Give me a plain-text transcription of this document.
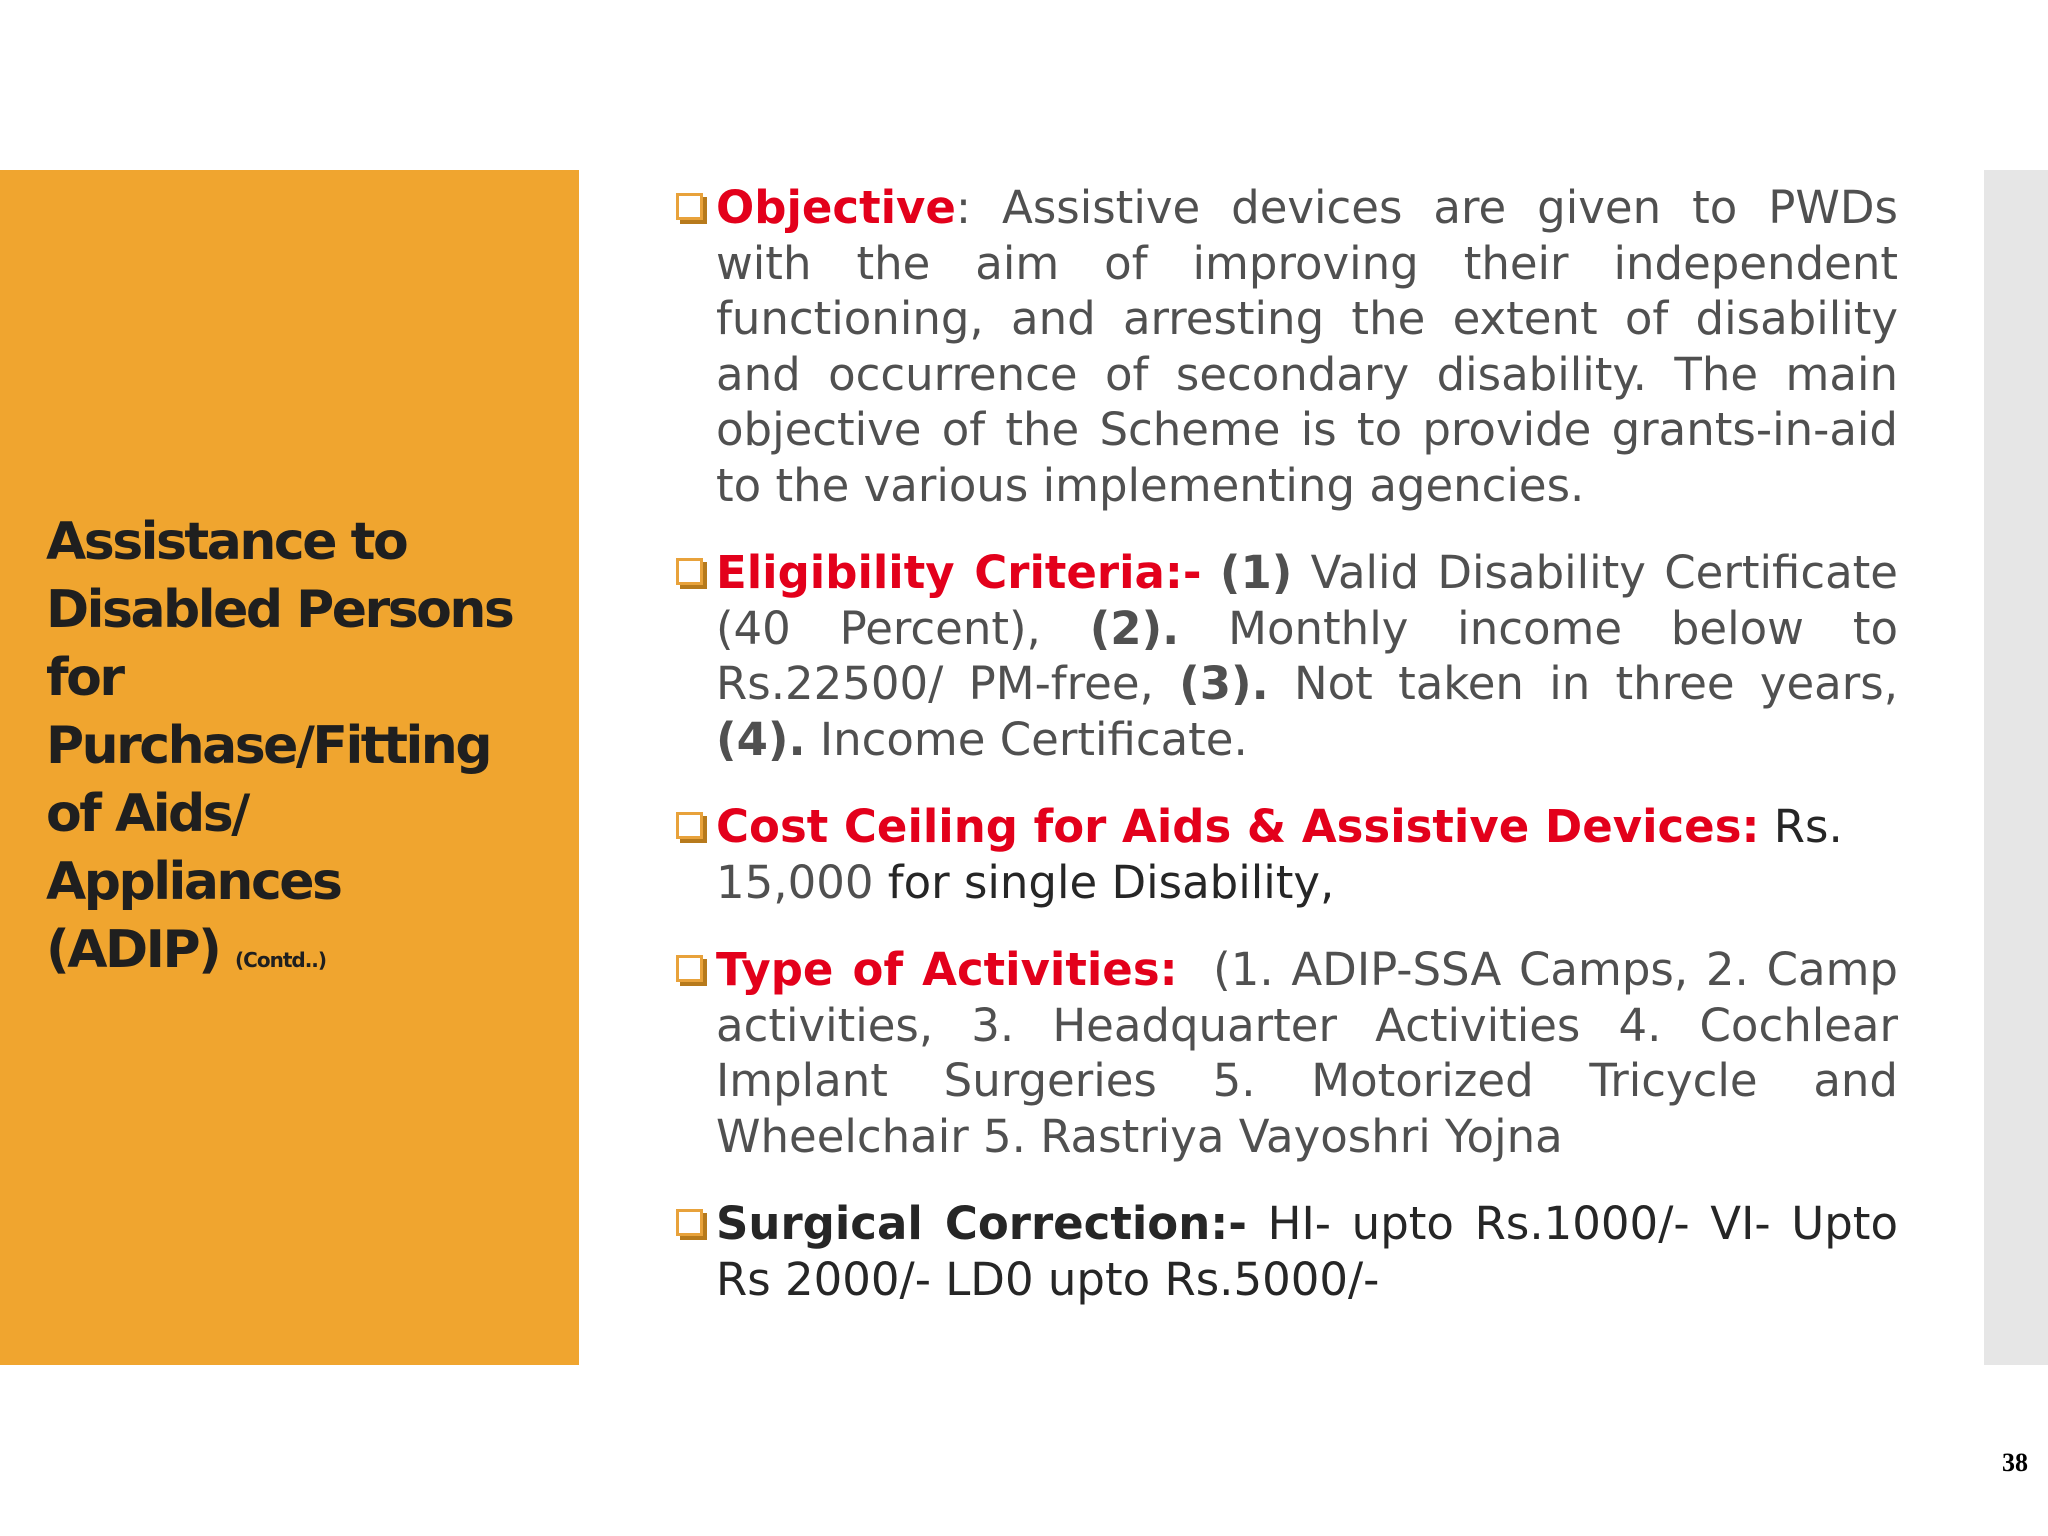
Assistance to
Disabled Persons
for
Purchase/Fitting
of Aids/
Appliances
(ADIP) (Contd..)
Objective: Assistive devices are given to PWDs with the aim of improving their independent functioning, and arresting the extent of disability and occurrence of secondary disability. The main objective of the Scheme is to provide grants-in-aid to the various implementing agencies.
Eligibility Criteria:- (1) Valid Disability Certificate (40 Percent), (2). Monthly income below to Rs.22500/ PM-free, (3). Not taken in three years, (4). Income Certificate.
Cost Ceiling for Aids & Assistive Devices: Rs. 15,000 for single Disability,
Type of Activities:  (1. ADIP-SSA Camps, 2. Camp activities, 3. Headquarter Activities 4. Cochlear Implant Surgeries 5. Motorized Tricycle and Wheelchair 5. Rastriya Vayoshri Yojna
Surgical Correction:- HI- upto Rs.1000/- VI- Upto Rs 2000/- LD0 upto Rs.5000/-
38
